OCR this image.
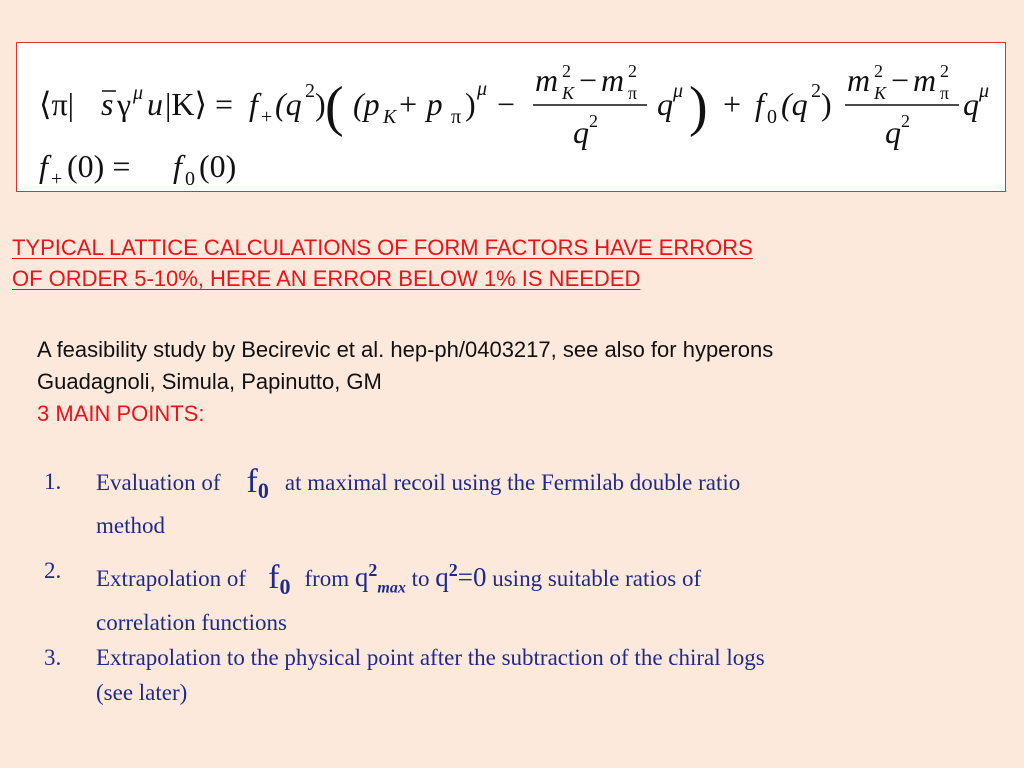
⟨π| s γ μ u |K⟩ = f + (q 2 ) ( (p K + p π ) μ −
m 2
K − m 2
π
q 2 q μ ) + f 0 (q 2 )
m 2
K − m 2
π
q 2 q μ
f + (0) = f 0 (0)
TYPICAL LATTICE CALCULATIONS OF FORM FACTORS HAVE ERRORS
OF ORDER 5-10%, HERE AN ERROR BELOW 1% IS NEEDED
A feasibility study by Becirevic et al. hep-ph/0403217, see also for hyperons
Guadagnoli, Simula, Papinutto, GM
3 MAIN POINTS:
1. Evaluation of $f_0$ at maximal recoil using the Fermilab double ratio
method
2. Extrapolation of $f_0$ from $q^2_{max}$ to $q^2=0$ using suitable ratios of
correlation functions
3. Extrapolation to the physical point after the subtraction of the chiral logs
(see later)
